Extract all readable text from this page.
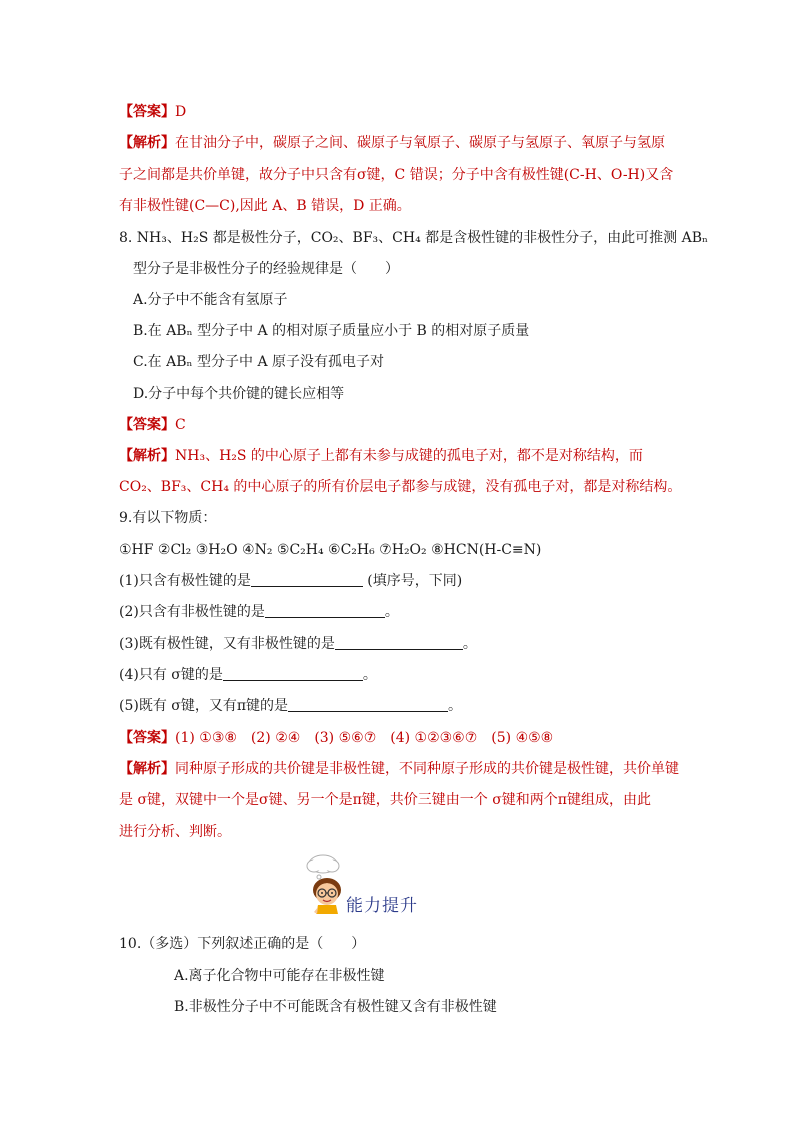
【答案】D
【解析】在甘油分子中，碳原子之间、碳原子与氧原子、碳原子与氢原子、氧原子与氢原
子之间都是共价单键，故分子中只含有σ键，C 错误；分子中含有极性键(C-H、O-H)又含
有非极性键(C—C),因此 A、B 错误，D 正确。
8. NH₃、H₂S 都是极性分子，CO₂、BF₃、CH₄ 都是含极性键的非极性分子，由此可推测 ABₙ
型分子是非极性分子的经验规律是（　　）
A.分子中不能含有氢原子
B.在 ABₙ 型分子中 A 的相对原子质量应小于 B 的相对原子质量
C.在 ABₙ 型分子中 A 原子没有孤电子对
D.分子中每个共价键的键长应相等
【答案】C
【解析】NH₃、H₂S 的中心原子上都有未参与成键的孤电子对，都不是对称结构，而
CO₂、BF₃、CH₄ 的中心原子的所有价层电子都参与成键，没有孤电子对，都是对称结构。
9.有以下物质：
①HF ②Cl₂ ③H₂O ④N₂ ⑤C₂H₄ ⑥C₂H₆ ⑦H₂O₂ ⑧HCN(H-C≡N)
(1)只含有极性键的是	(填序号，下同)
(2)只含有非极性键的是	。
(3)既有极性键，又有非极性键的是	。
(4)只有 σ键的是	。
(5)既有 σ键，又有π键的是	。
【答案】(1) ①③⑧　(2) ②④　(3) ⑤⑥⑦　(4) ①②③⑥⑦　(5) ④⑤⑧
【解析】同种原子形成的共价键是非极性键，不同种原子形成的共价键是极性键，共价单键
是 σ键，双键中一个是σ键、另一个是π键，共价三键由一个 σ键和两个π键组成，由此
进行分析、判断。
能力提升
10.（多选）下列叙述正确的是（　　）
A.离子化合物中可能存在非极性键
B.非极性分子中不可能既含有极性键又含有非极性键
